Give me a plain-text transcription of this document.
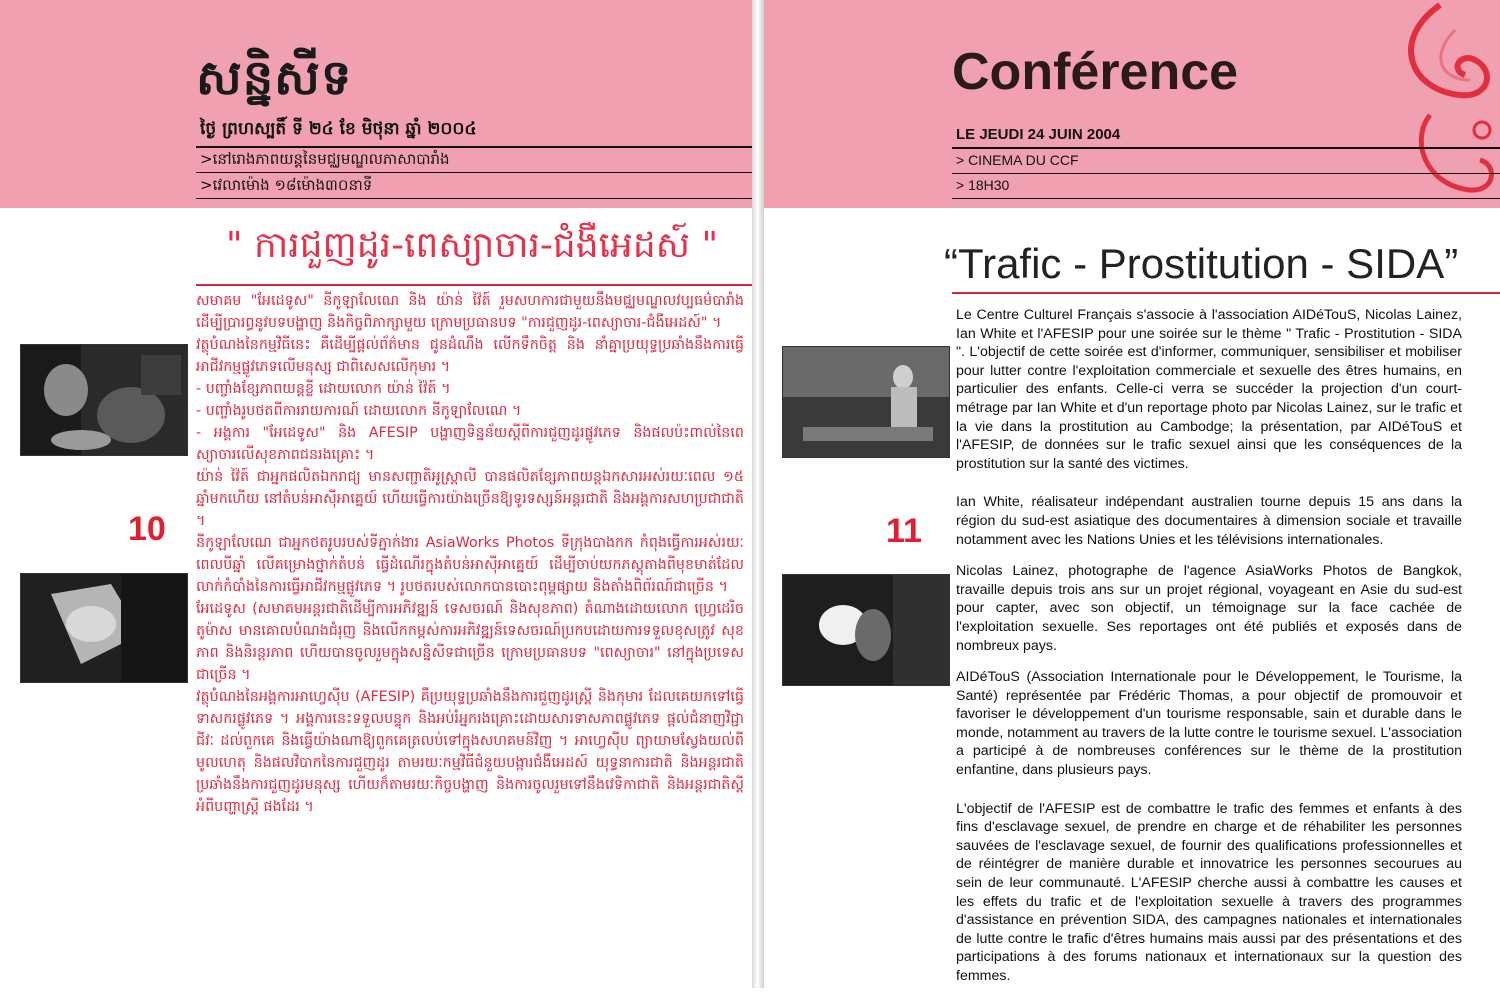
សន្និសីទ
ថ្ងៃ ព្រហស្បតិ៍ ទី ២៤ ខែ មិថុនា ឆ្នាំ ២០០៤
>នៅរោងភាពយន្តនៃមជ្ឈមណ្ឌលភាសាបារាំង
>វេលាម៉ោង ១៨ម៉ោង៣០នាទី
Conférence
LE JEUDI 24 JUIN 2004
> CINEMA DU CCF
> 18H30
" ការជួញដូរ-ពេស្យាចារ-ជំងឺអេដស៍ "	“Trafic - Prostitution - SIDA”
10	11

សមាគម "អែដេទូស" នីកូឡាលែណេ និង យ៉ាន់ វ៉ៃត៍ រួមសហការជាមួយនឹងមជ្ឈមណ្ឌលវប្បធម៌បារាំង ដើម្បីប្រារព្ធនូវបទបង្ហាញ និងកិច្ចពិភាក្សាមួយ ក្រោមប្រធានបទ "ការជួញដូរ-ពេស្យាចារ-ជំងឺអេដស៍" ។

វត្ថុបំណងនៃកម្មវិធីនេះ គឺដើម្បីផ្តល់ព័ត៌មាន ជូនដំណឹង លើកទឹកចិត្ត និង នាំគ្នាប្រយុទ្ធប្រឆាំងនឹងការធ្វើអាជីវកម្មផ្លូវភេទលើមនុស្ស ជាពិសេសលើកុមារ ។

- បញ្ចាំងខ្សែភាពយន្តខ្លី ដោយលោក យ៉ាន់ វ៉ៃត៍ ។

- បញ្ចាំងរូបថតពីការរាយការណ៍ ដោយលោក នីកូឡាលែណេ ។

- អង្គការ "អែដេទូស" និង AFESIP បង្ហាញទិន្នន័យស្តីពីការជួញដូរផ្លូវភេទ និងផលប៉ះពាល់នៃពេស្យាចារលើសុខភាពជនរងគ្រោះ ។

យ៉ាន់ វ៉ៃត៍ ជាអ្នកផលិតឯករាជ្យ មានសញ្ជាតិអូស្ត្រាលី បានផលិតខ្សែភាពយន្តឯកសារអស់រយៈពេល ១៥ ឆ្នាំមកហើយ នៅតំបន់អាស៊ីអាគ្នេយ៍ ហើយធ្វើការយ៉ាងច្រើនឱ្យទូរទស្សន៍អន្តរជាតិ និងអង្គការសហប្រជាជាតិ ។

នីកូឡាលែណេ ជាអ្នកថតរូបរបស់ទីភ្នាក់ងារ AsiaWorks Photos ទីក្រុងបាងកក កំពុងធ្វើការអស់រយៈពេលបីឆ្នាំ លើគម្រោងថ្នាក់តំបន់ ធ្វើដំណើរក្នុងតំបន់អាស៊ីអាគ្នេយ៍ ដើម្បីចាប់យកភស្តុតាងពីមុខមាត់ដែលលាក់កំបាំងនៃការធ្វើអាជីវកម្មផ្លូវភេទ ។ រូបថតរបស់លោកបានបោះពុម្ពផ្សាយ និងតាំងពិព័រណ៍ជាច្រើន ។

អែដេទូស (សមាគមអន្តរជាតិដើម្បីការអភិវឌ្ឍន៍ ទេសចរណ៍ និងសុខភាព) តំណាងដោយលោក ហ្វ្រេដេរិច តូម៉ាស មានគោលបំណងជំរុញ និងលើកកម្ពស់ការអភិវឌ្ឍន៍ទេសចរណ៍ប្រកបដោយការទទួលខុសត្រូវ សុខភាព និងនិរន្តរភាព ហើយបានចូលរួមក្នុងសន្និសីទជាច្រើន ក្រោមប្រធានបទ "ពេស្យាចារ" នៅក្នុងប្រទេសជាច្រើន ។

វត្ថុបំណងនៃអង្គការអាហ្វេស៊ីប (AFESIP) គឺប្រយុទ្ធប្រឆាំងនឹងការជួញដូរស្ត្រី និងកុមារ ដែលគេយកទៅធ្វើទាសករផ្លូវភេទ ។ អង្គការនេះទទួលបន្ទុក និងអប់រំអ្នករងគ្រោះដោយសារទាសភាពផ្លូវភេទ ផ្តល់ជំនាញវិជ្ជាជីវៈ ដល់ពួកគេ និងធ្វើយ៉ាងណាឱ្យពួកគេត្រលប់ទៅក្នុងសហគមន៍វិញ ។ អាហ្វេស៊ីប ព្យាយាមស្វែងយល់ពីមូលហេតុ និងផលវិបាកនៃការជួញដូរ តាមរយៈកម្មវិធីជំនួយបង្ការជំងឺអេដស៍ យុទ្ធនាការជាតិ និងអន្តរជាតិ ប្រឆាំងនឹងការជួញដូរមនុស្ស ហើយក៏តាមរយៈកិច្ចបង្ហាញ និងការចូលរួមទៅនឹងវេទិកាជាតិ និងអន្តរជាតិស្តីអំពីបញ្ហាស្ត្រី ផងដែរ ។

Le Centre Culturel Français s'associe à l'association AIDéTouS, Nicolas Lainez, Ian White et l'AFESIP pour une soirée sur le thème " Trafic - Prostitution - SIDA ". L'objectif de cette soirée est d'informer, communiquer, sensibiliser et mobiliser pour lutter contre l'exploitation commerciale et sexuelle des êtres humains, en particulier des enfants. Celle-ci verra se succéder la projection d'un court-métrage par Ian White et d'un reportage photo par Nicolas Lainez, sur le trafic et la vie dans la prostitution au Cambodge; la présentation, par AIDéTouS et l'AFESIP, de données sur le trafic sexuel ainsi que les conséquences de la prostitution sur la santé des victimes.

Ian White, réalisateur indépendant australien tourne depuis 15 ans dans la région du sud-est asiatique des documentaires à dimension sociale et travaille notamment avec les Nations Unies et les télévisions internationales.

Nicolas Lainez, photographe de l'agence AsiaWorks Photos de Bangkok, travaille depuis trois ans sur un projet régional, voyageant en Asie du sud-est pour capter, avec son objectif, un témoignage sur la face cachée de l'exploitation sexuelle. Ses reportages ont été publiés et exposés dans de nombreux pays.

AIDéTouS (Association Internationale pour le Développement, le Tourisme, la Santé) représentée par Frédéric Thomas, a pour objectif de promouvoir et favoriser le développement d'un tourisme responsable, sain et durable dans le monde, notamment au travers de la lutte contre le tourisme sexuel. L'association a participé à de nombreuses conférences sur le thème de la prostitution enfantine, dans plusieurs pays.

L'objectif de l'AFESIP est de combattre le trafic des femmes et enfants à des fins d'esclavage sexuel, de prendre en charge et de réhabiliter les personnes sauvées de l'esclavage sexuel, de fournir des qualifications professionnelles et de réintégrer de manière durable et innovatrice les personnes secourues au sein de leur communauté. L'AFESIP cherche aussi à combattre les causes et les effets du trafic et de l'exploitation sexuelle à travers des programmes d'assistance en prévention SIDA, des campagnes nationales et internationales de lutte contre le trafic d'êtres humains mais aussi par des présentations et des participations à des forums nationaux et internationaux sur la question des femmes.
